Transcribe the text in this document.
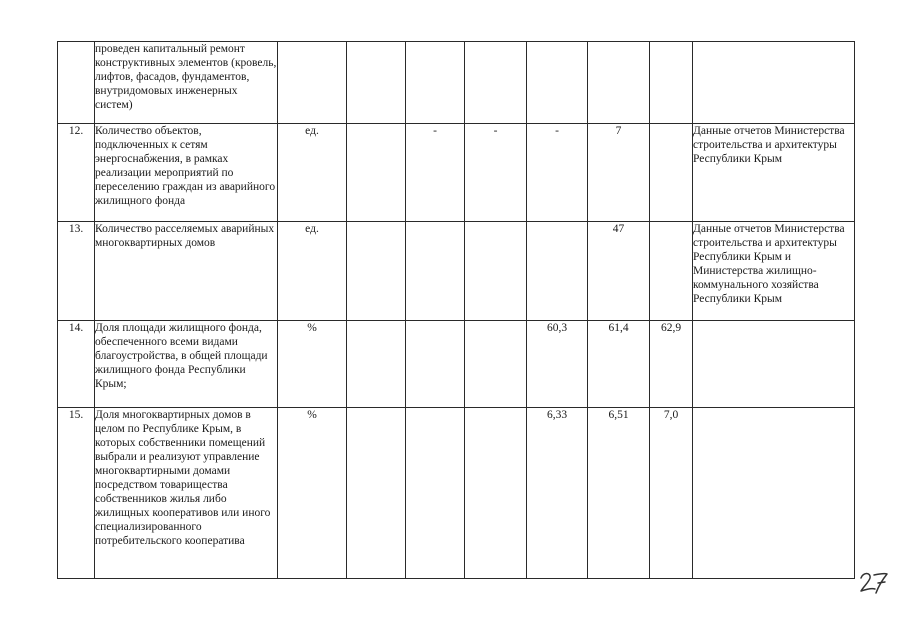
	проведен капитальный ремонт конструктивных элементов (кровель, лифтов, фасадов, фундаментов, внутридомовых инженерных систем)								
12.	Количество объектов, подключенных к сетям энергоснабжения, в рамках реализации мероприятий по переселению граждан из аварийного жилищного фонда	ед.		-	-	-	7		Данные отчетов Министерства строительства и архитектуры Республики Крым
13.	Количество расселяемых аварийных многоквартирных домов	ед.					47		Данные отчетов Министерства строительства и архитектуры Республики Крым и Министерства жилищно-коммунального хозяйства Республики Крым
14.	Доля площади жилищного фонда, обеспеченного всеми видами благоустройства, в общей площади жилищного фонда Республики Крым;	%				60,3	61,4	62,9	
15.	Доля многоквартирных домов в целом по Республике Крым, в которых собственники помещений выбрали и реализуют управление многоквартирными домами посредством товарищества собственников жилья либо жилищных кооперативов или иного специализированного потребительского кооператива	%				6,33	6,51	7,0	
